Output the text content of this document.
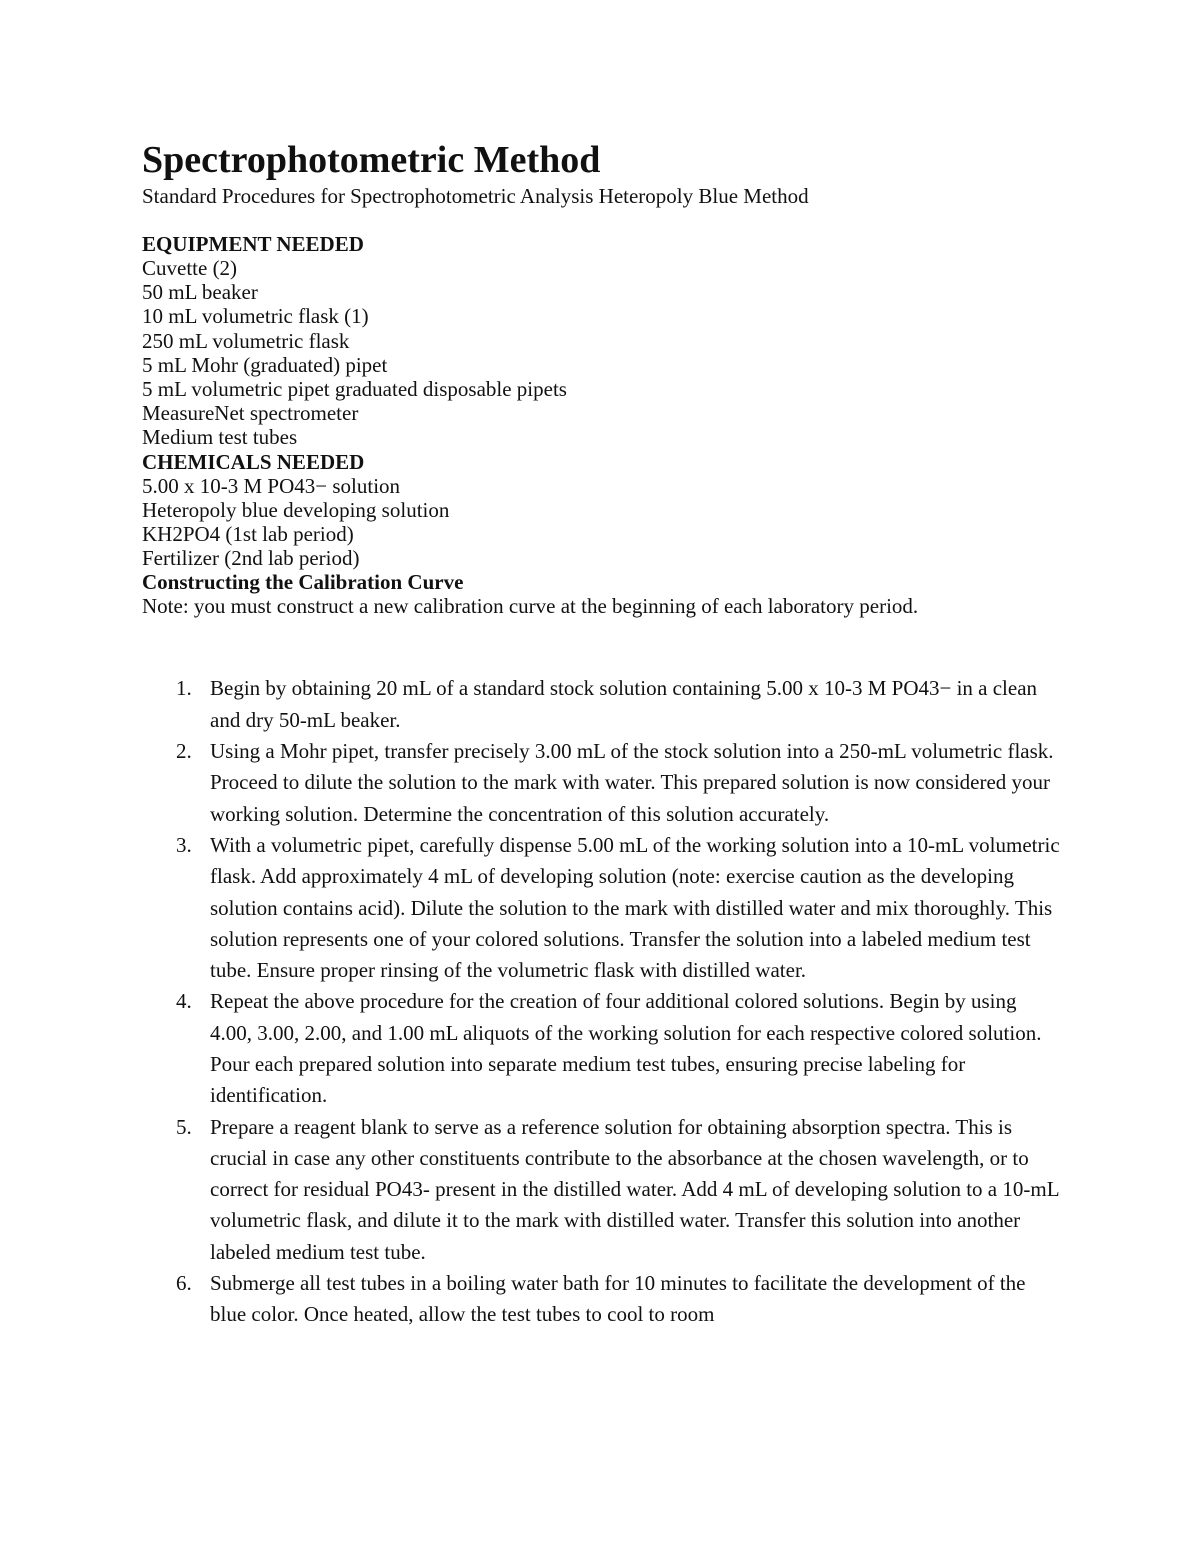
Spectrophotometric Method

Standard Procedures for Spectrophotometric Analysis Heteropoly Blue Method

EQUIPMENT NEEDED
Cuvette (2)
50 mL beaker
10 mL volumetric flask (1)
250 mL volumetric flask
5 mL Mohr (graduated) pipet
5 mL volumetric pipet graduated disposable pipets
MeasureNet spectrometer
Medium test tubes
CHEMICALS NEEDED
5.00 x 10-3 M PO43− solution
Heteropoly blue developing solution
KH2PO4 (1st lab period)
Fertilizer (2nd lab period)
Constructing the Calibration Curve

Note: you must construct a new calibration curve at the beginning of each laboratory period.

1. Begin by obtaining 20 mL of a standard stock solution containing 5.00 x 10-3 M PO43− in a clean and dry 50-mL beaker.
2. Using a Mohr pipet, transfer precisely 3.00 mL of the stock solution into a 250-mL volumetric flask. Proceed to dilute the solution to the mark with water. This prepared solution is now considered your working solution. Determine the concentration of this solution accurately.
3. With a volumetric pipet, carefully dispense 5.00 mL of the working solution into a 10-mL volumetric flask. Add approximately 4 mL of developing solution (note: exercise caution as the developing solution contains acid). Dilute the solution to the mark with distilled water and mix thoroughly. This solution represents one of your colored solutions. Transfer the solution into a labeled medium test tube. Ensure proper rinsing of the volumetric flask with distilled water.
4. Repeat the above procedure for the creation of four additional colored solutions. Begin by using 4.00, 3.00, 2.00, and 1.00 mL aliquots of the working solution for each respective colored solution. Pour each prepared solution into separate medium test tubes, ensuring precise labeling for identification.
5. Prepare a reagent blank to serve as a reference solution for obtaining absorption spectra. This is crucial in case any other constituents contribute to the absorbance at the chosen wavelength, or to correct for residual PO43- present in the distilled water. Add 4 mL of developing solution to a 10-mL volumetric flask, and dilute it to the mark with distilled water. Transfer this solution into another labeled medium test tube.
6. Submerge all test tubes in a boiling water bath for 10 minutes to facilitate the development of the blue color. Once heated, allow the test tubes to cool to room
